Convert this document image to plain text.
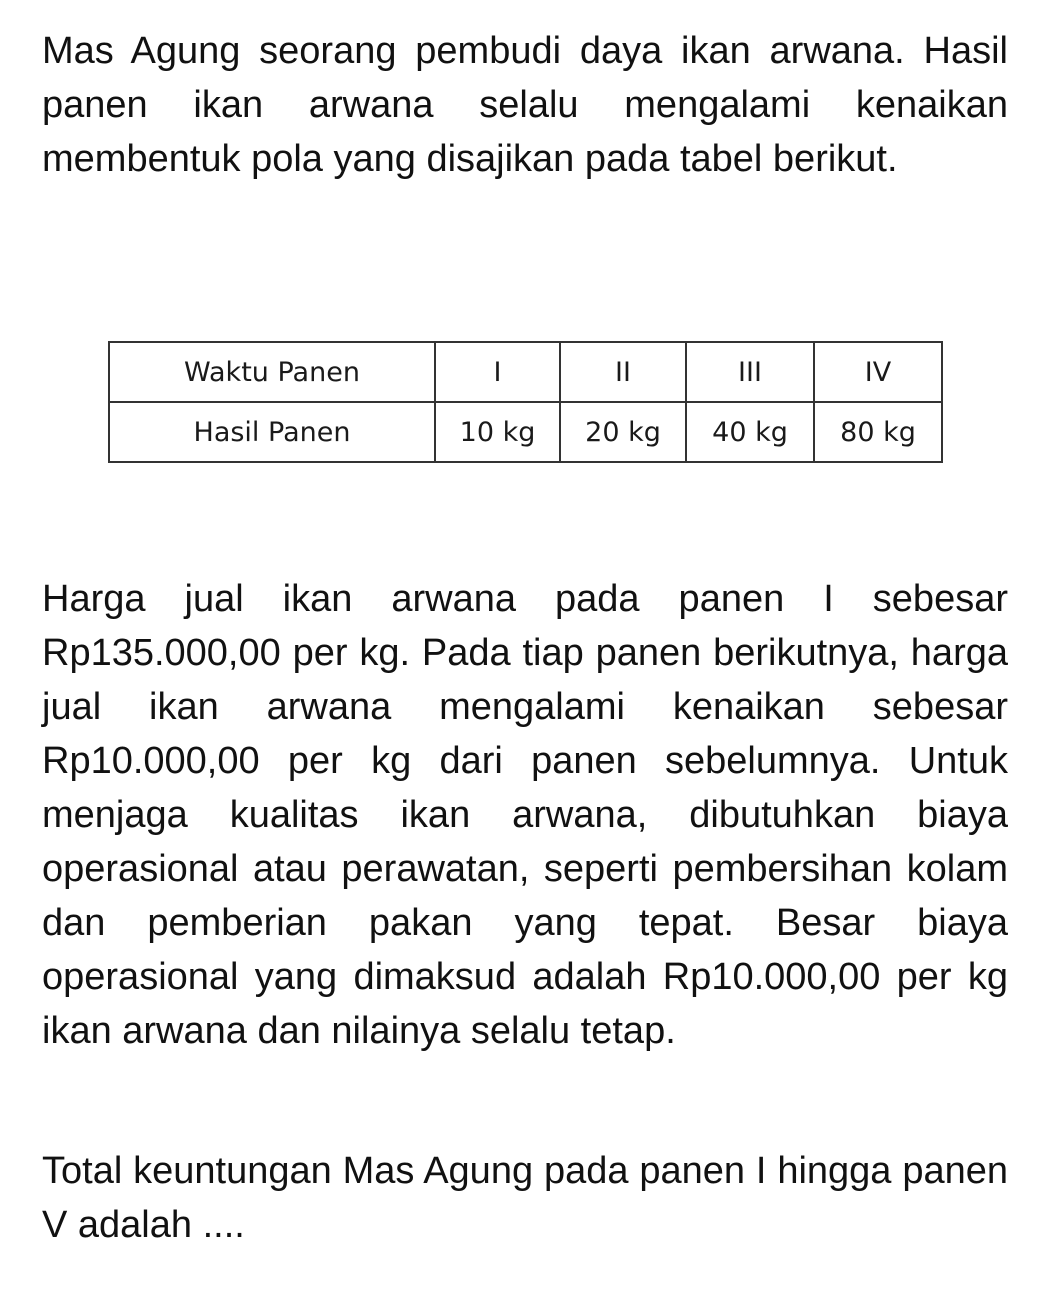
Mas Agung seorang pembudi daya ikan arwana. Hasil panen ikan arwana selalu mengalami kenaikan membentuk pola yang disajikan pada tabel berikut.

Waktu Panen	I	II	III	IV
Hasil Panen	10 kg	20 kg	40 kg	80 kg

Harga jual ikan arwana pada panen I sebesar Rp135.000,00 per kg. Pada tiap panen berikutnya, harga jual ikan arwana mengalami kenaikan sebesar Rp10.000,00 per kg dari panen sebelumnya. Untuk menjaga kualitas ikan arwana, dibutuhkan biaya operasional atau perawatan, seperti pembersihan kolam dan pemberian pakan yang tepat. Besar biaya operasional yang dimaksud adalah Rp10.000,00 per kg ikan arwana dan nilainya selalu tetap.

Total keuntungan Mas Agung pada panen I hingga panen V adalah ....
